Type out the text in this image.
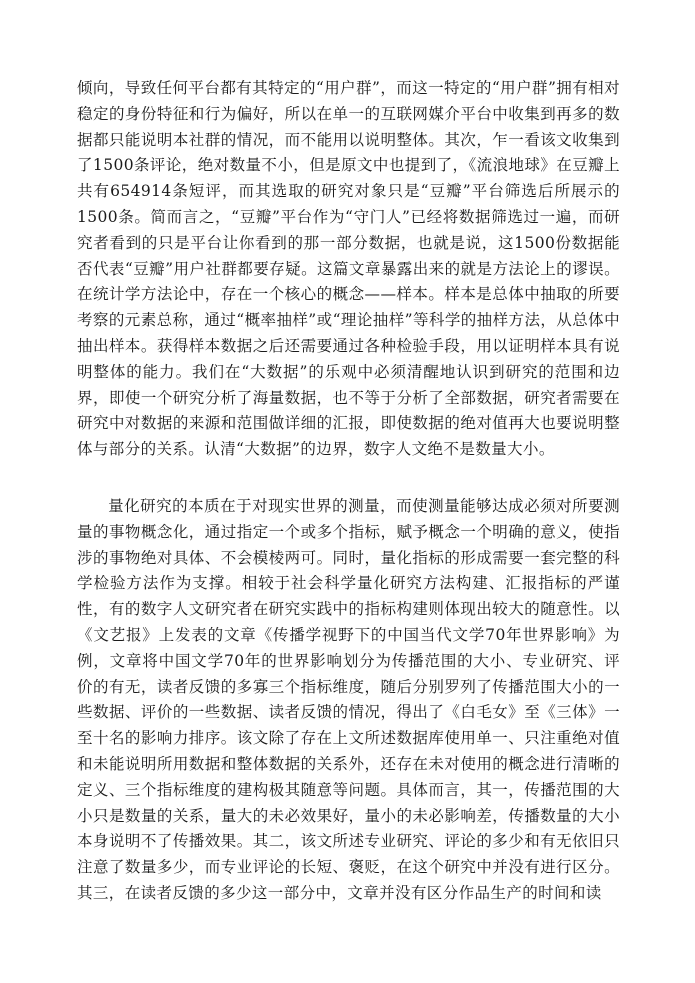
倾向，导致任何平台都有其特定的“用户群”，而这一特定的“用户群”拥有相对稳定的身份特征和行为偏好，所以在单一的互联网媒介平台中收集到再多的数据都只能说明本社群的情况，而不能用以说明整体。其次，乍一看该文收集到了1500条评论，绝对数量不小，但是原文中也提到了，《流浪地球》在豆瓣上共有654914条短评，而其选取的研究对象只是“豆瓣”平台筛选后所展示的1500条。简而言之，“豆瓣”平台作为“守门人”已经将数据筛选过一遍，而研究者看到的只是平台让你看到的那一部分数据，也就是说，这1500份数据能否代表“豆瓣”用户社群都要存疑。这篇文章暴露出来的就是方法论上的谬误。在统计学方法论中，存在一个核心的概念——样本。样本是总体中抽取的所要考察的元素总称，通过“概率抽样”或“理论抽样”等科学的抽样方法，从总体中抽出样本。获得样本数据之后还需要通过各种检验手段，用以证明样本具有说明整体的能力。我们在“大数据”的乐观中必须清醒地认识到研究的范围和边界，即使一个研究分析了海量数据，也不等于分析了全部数据，研究者需要在研究中对数据的来源和范围做详细的汇报，即使数据的绝对值再大也要说明整体与部分的关系。认清“大数据”的边界，数字人文绝不是数量大小。
量化研究的本质在于对现实世界的测量，而使测量能够达成必须对所要测量的事物概念化，通过指定一个或多个指标，赋予概念一个明确的意义，使指涉的事物绝对具体、不会模棱两可。同时，量化指标的形成需要一套完整的科学检验方法作为支撑。相较于社会科学量化研究方法构建、汇报指标的严谨性，有的数字人文研究者在研究实践中的指标构建则体现出较大的随意性。以《文艺报》上发表的文章《传播学视野下的中国当代文学70年世界影响》为例，文章将中国文学70年的世界影响划分为传播范围的大小、专业研究、评价的有无，读者反馈的多寡三个指标维度，随后分别罗列了传播范围大小的一些数据、评价的一些数据、读者反馈的情况，得出了《白毛女》至《三体》一至十名的影响力排序。该文除了存在上文所述数据库使用单一、只注重绝对值和未能说明所用数据和整体数据的关系外，还存在未对使用的概念进行清晰的定义、三个指标维度的建构极其随意等问题。具体而言，其一，传播范围的大小只是数量的关系，量大的未必效果好，量小的未必影响差，传播数量的大小本身说明不了传播效果。其二，该文所述专业研究、评论的多少和有无依旧只注意了数量多少，而专业评论的长短、褒贬，在这个研究中并没有进行区分。其三，在读者反馈的多少这一部分中，文章并没有区分作品生产的时间和读
